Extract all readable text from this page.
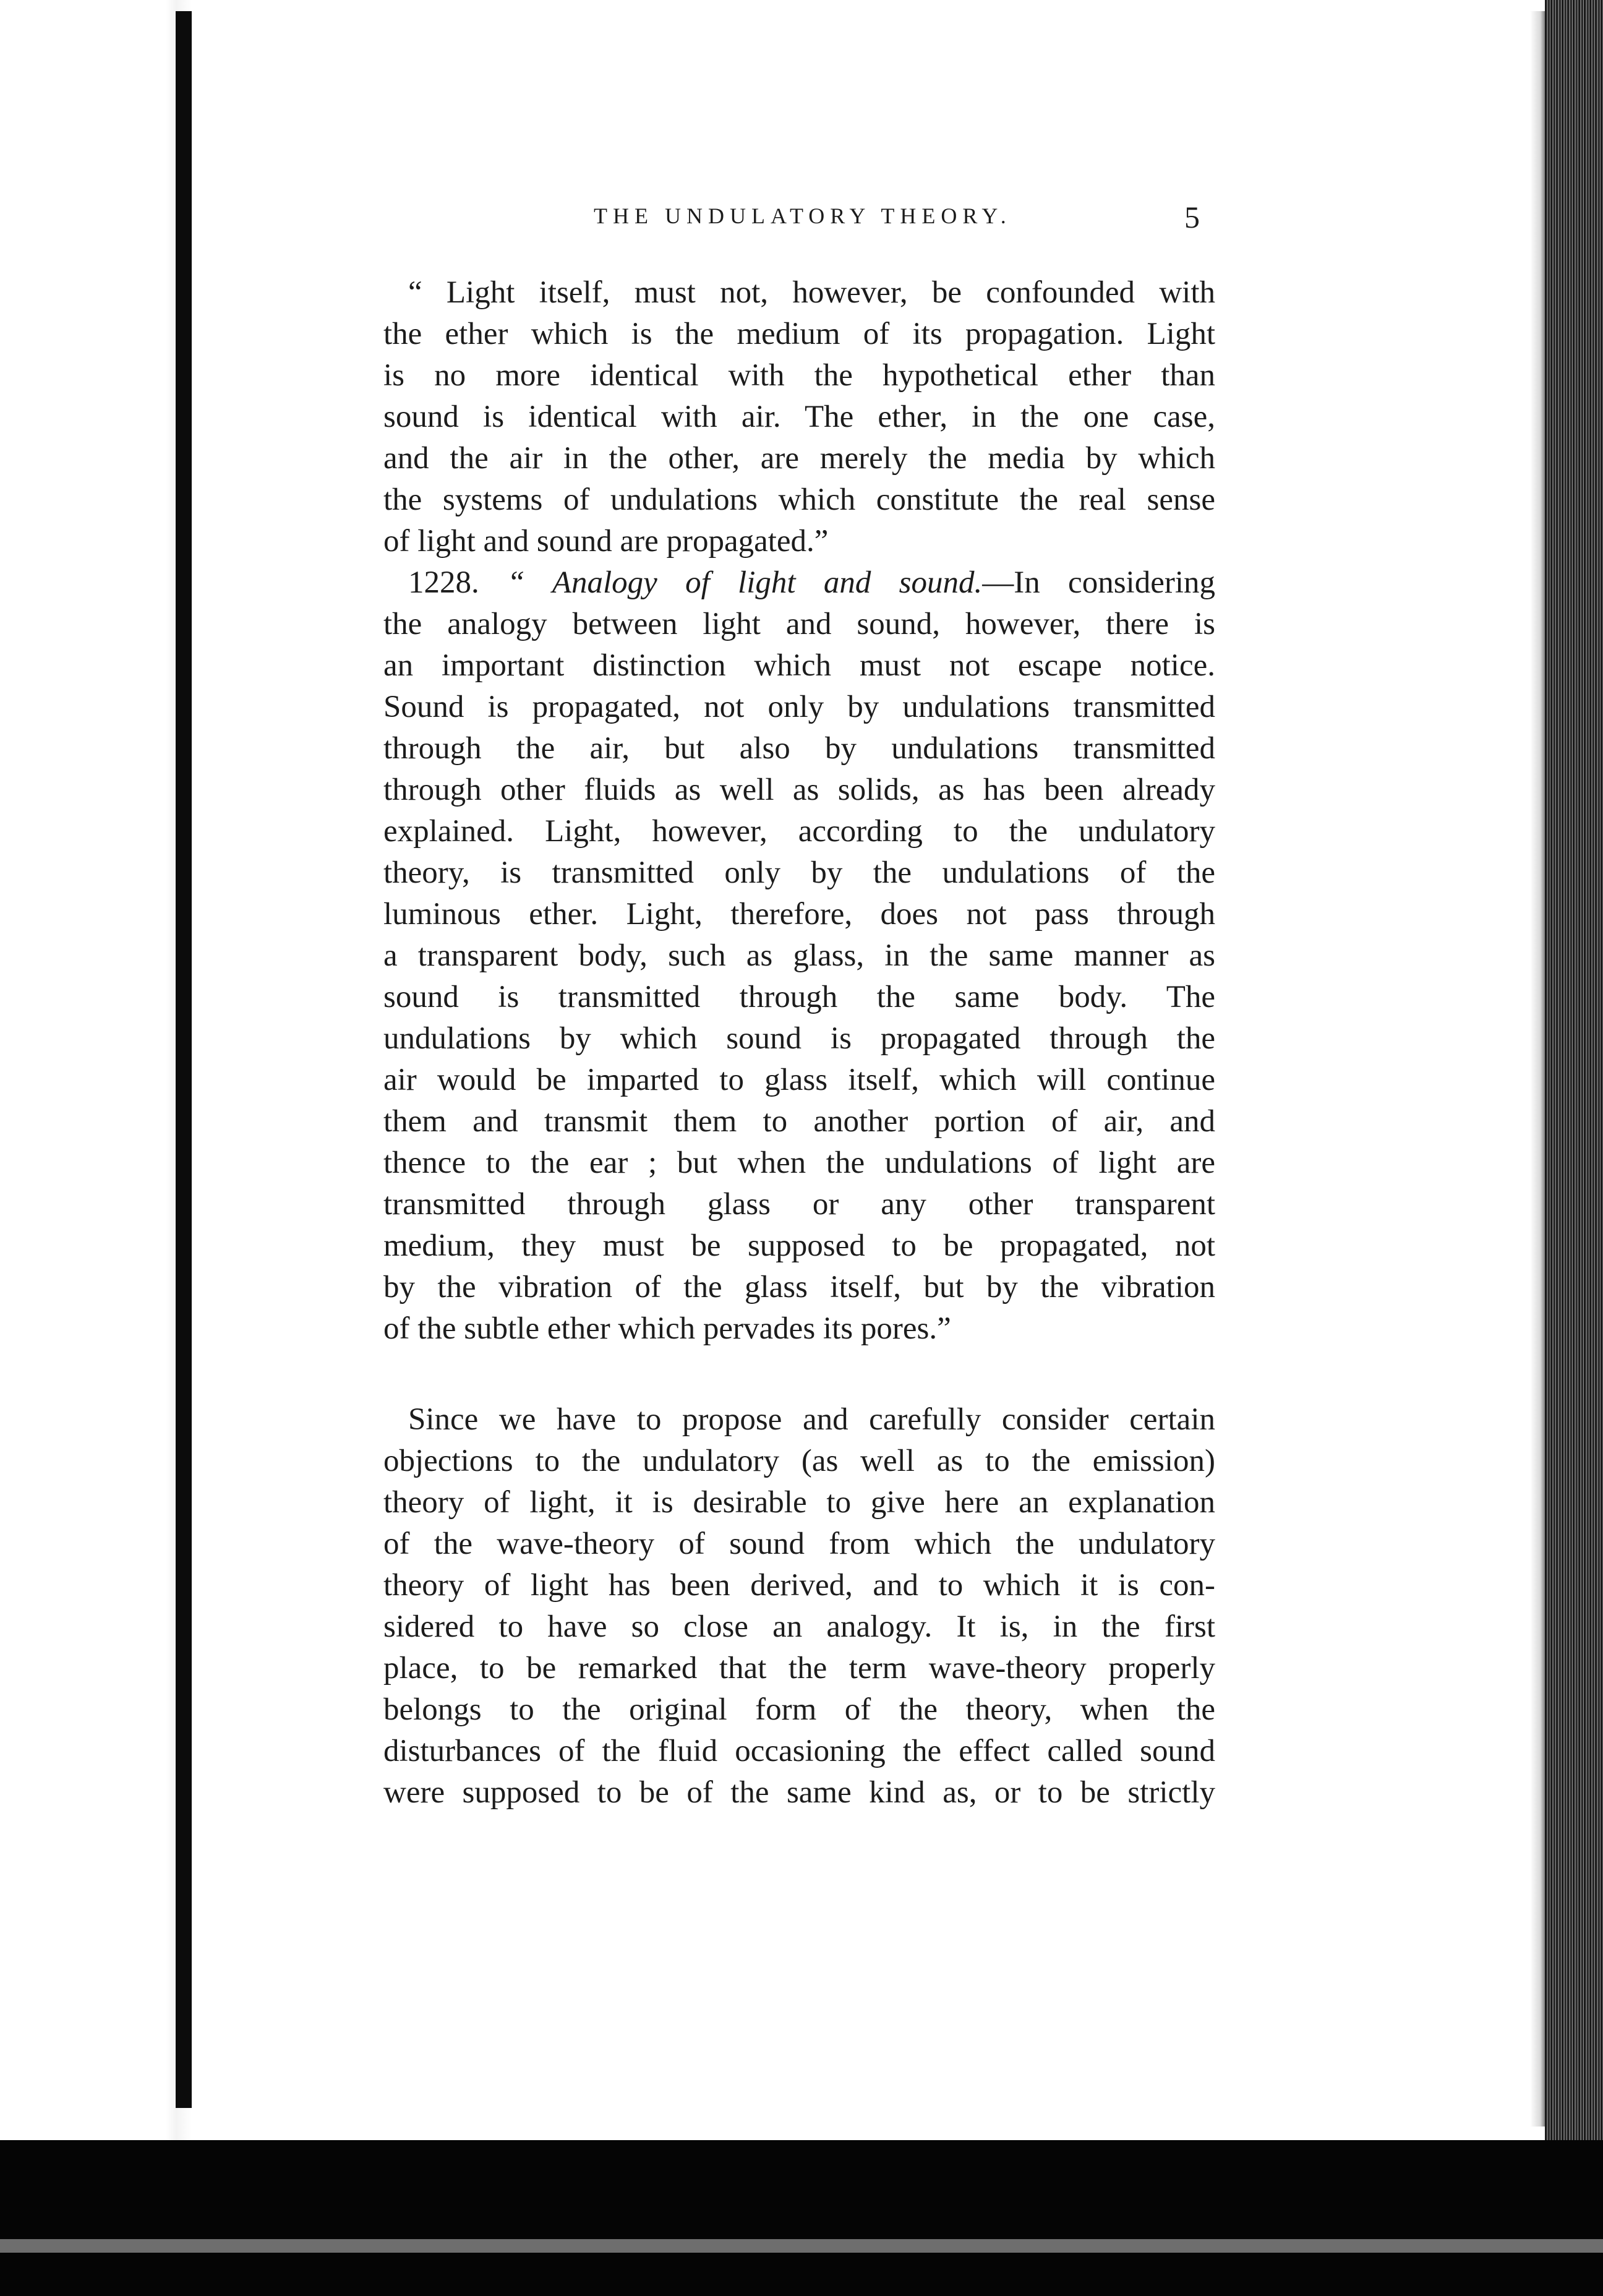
THE UNDULATORY THEORY.	5
“ Light itself, must not, however, be confounded with
the ether which is the medium of its propagation. Light
is no more identical with the hypothetical ether than
sound is identical with air. The ether, in the one case,
and the air in the other, are merely the media by which
the systems of undulations which constitute the real sense
of light and sound are propagated.”
1228. “ Analogy of light and sound.—In considering
the analogy between light and sound, however, there is
an important distinction which must not escape notice.
Sound is propagated, not only by undulations transmitted
through the air, but also by undulations transmitted
through other fluids as well as solids, as has been already
explained. Light, however, according to the undulatory
theory, is transmitted only by the undulations of the
luminous ether. Light, therefore, does not pass through
a transparent body, such as glass, in the same manner as
sound is transmitted through the same body. The
undulations by which sound is propagated through the
air would be imparted to glass itself, which will continue
them and transmit them to another portion of air, and
thence to the ear ; but when the undulations of light are
transmitted through glass or any other transparent
medium, they must be supposed to be propagated, not
by the vibration of the glass itself, but by the vibration
of the subtle ether which pervades its pores.”
Since we have to propose and carefully consider certain
objections to the undulatory (as well as to the emission)
theory of light, it is desirable to give here an explanation
of the wave-theory of sound from which the undulatory
theory of light has been derived, and to which it is con-
sidered to have so close an analogy. It is, in the first
place, to be remarked that the term wave-theory properly
belongs to the original form of the theory, when the
disturbances of the fluid occasioning the effect called sound
were supposed to be of the same kind as, or to be strictly
